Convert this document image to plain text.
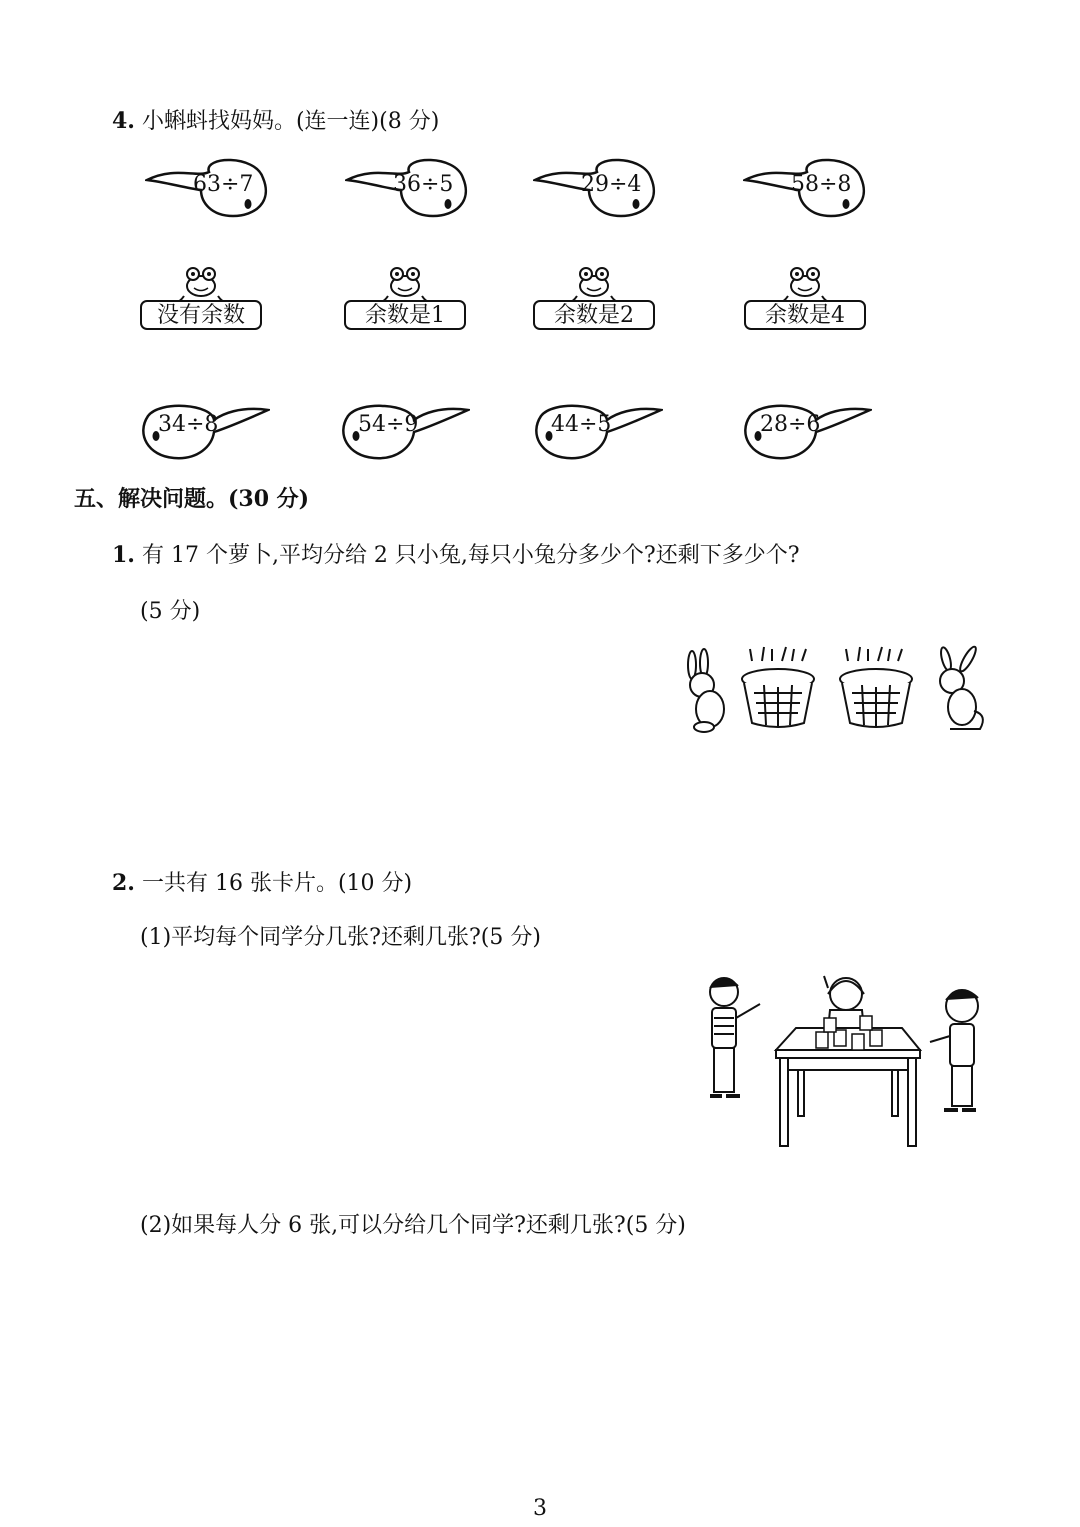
4. 小蝌蚪找妈妈。(连一连)(8 分)
63÷7	36÷5	29÷4	58÷8
没有余数	余数是1	余数是2	余数是4
34÷8	54÷9	44÷5	28÷6
五、解决问题。(30 分)
1. 有 17 个萝卜,平均分给 2 只小兔,每只小兔分多少个?还剩下多少个?
(5 分)
2. 一共有 16 张卡片。(10 分)
(1)平均每个同学分几张?还剩几张?(5 分)
(2)如果每人分 6 张,可以分给几个同学?还剩几张?(5 分)
3
